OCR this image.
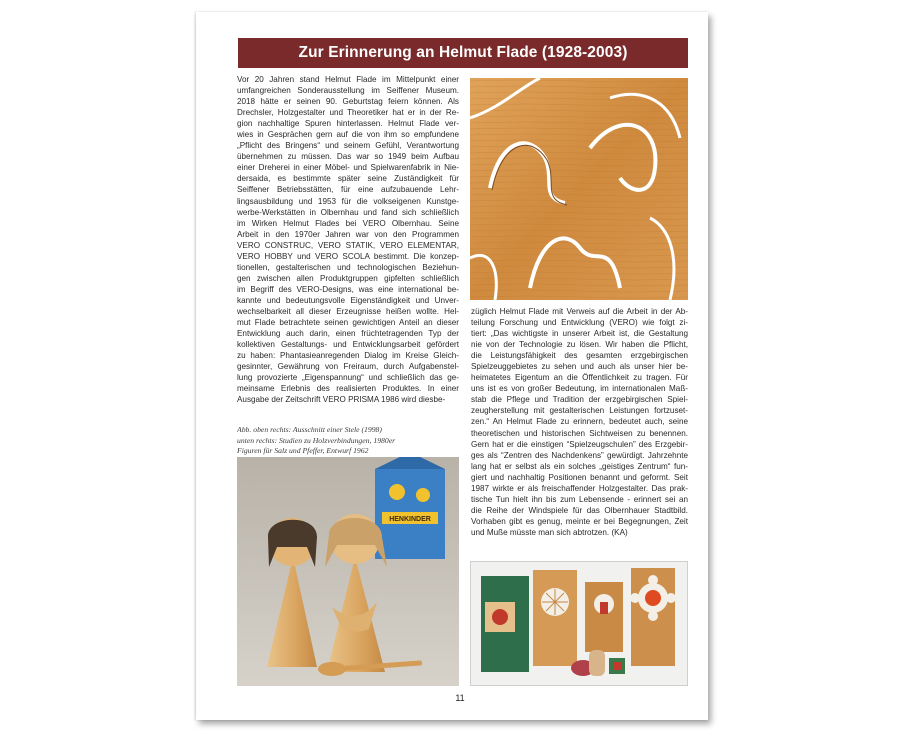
Zur Erinnerung an Helmut Flade (1928-2003)
Vor 20 Jahren stand Helmut Flade im Mittelpunkt einer
umfangreichen Sonderausstellung im Seiffener Museum.
2018 hätte er seinen 90. Geburtstag feiern können. Als
Drechsler, Holzgestalter und Theoretiker hat er in der Re-
gion nachhaltige Spuren hinterlassen. Helmut Flade ver-
wies in Gesprächen gern auf die von ihm so empfundene
„Pflicht des Bringens“ und seinem Gefühl, Verantwortung
übernehmen zu müssen. Das war so 1949 beim Aufbau
einer Dreherei in einer Möbel- und Spielwarenfabrik in Nie-
dersaida, es bestimmte später seine Zuständigkeit für
Seiffener Betriebsstätten, für eine aufzubauende Lehr-
lingsausbildung und 1953 für die volkseigenen Kunstge-
werbe-Werkstätten in Olbernhau und fand sich schließlich
im Wirken Helmut Flades bei VERO Olbernhau. Seine
Arbeit in den 1970er Jahren war von den Programmen
VERO CONSTRUC, VERO STATIK, VERO ELEMENTAR,
VERO HOBBY und VERO SCOLA bestimmt. Die konzep-
tionellen, gestalterischen und technologischen Beziehun-
gen zwischen allen Produktgruppen gipfelten schließlich
im Begriff des VERO-Designs, was eine international be-
kannte und bedeutungsvolle Eigenständigkeit und Unver-
wechselbarkeit all dieser Erzeugnisse heißen wollte. Hel-
mut Flade betrachtete seinen gewichtigen Anteil an dieser
Entwicklung auch darin, einen früchtetragenden Typ der
kollektiven Gestaltungs- und Entwicklungsarbeit gefördert
zu haben: Phantasieanregenden Dialog im Kreise Gleich-
gesinnter, Gewährung von Freiraum, durch Aufgabenstel-
lung provozierte „Eigenspannung“ und schließlich das ge-
meinsame Erlebnis des realisierten Produktes. In einer
Ausgabe der Zeitschrift VERO PRISMA 1986 wird diesbe-
züglich Helmut Flade mit Verweis auf die Arbeit in der Ab-
teilung Forschung und Entwicklung (VERO) wie folgt zi-
tiert: „Das wichtigste in unserer Arbeit ist, die Gestaltung
nie von der Technologie zu lösen. Wir haben die Pflicht,
die Leistungsfähigkeit des gesamten erzgebirgischen
Spielzeuggebietes zu sehen und auch als unser hier be-
heimatetes Eigentum an die Öffentlichkeit zu tragen. Für
uns ist es von großer Bedeutung, im internationalen Maß-
stab die Pflege und Tradition der erzgebirgischen Spiel-
zeugherstellung mit gestalterischen Leistungen fortzuset-
zen.“ An Helmut Flade zu erinnern, bedeutet auch, seine
theoretischen und historischen Sichtweisen zu benennen.
Gern hat er die einstigen “Spielzeugschulen” des Erzgebir-
ges als “Zentren des Nachdenkens” gewürdigt. Jahrzehnte
lang hat er selbst als ein solches „geistiges Zentrum“ fun-
giert und nachhaltig Positionen benannt und geformt. Seit
1987 wirkte er als freischaffender Holzgestalter. Das prak-
tische Tun hielt ihn bis zum Lebensende - erinnert sei an
die Reihe der Windspiele für das Olbernhauer Stadtbild.
Vorhaben gibt es genug, meinte er bei Begegnungen, Zeit
und Muße müsste man sich abtrotzen. (KA)
Abb. oben rechts: Ausschnitt einer Stele (1998)
unten rechts: Studien zu Holzverbindungen, 1980er
Figuren für Salz und Pfeffer, Entwurf 1962
HENKINDER
11
